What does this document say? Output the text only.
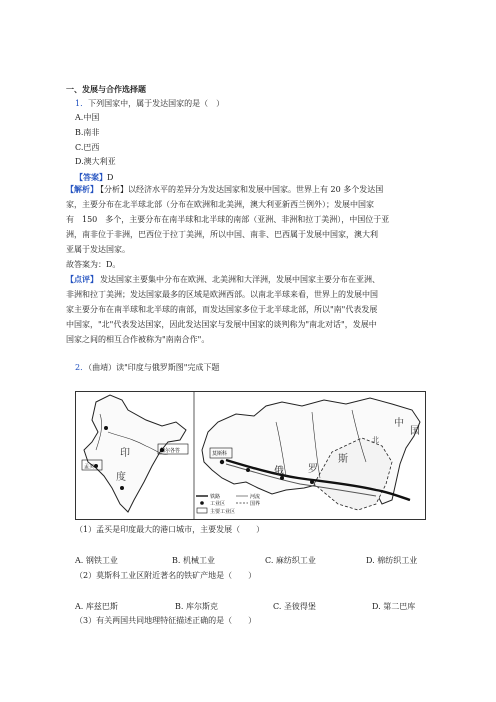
一、发展与合作选择题
1．下列国家中，属于发达国家的是（　）
A.中国
B.南非
C.巴西
D.澳大利亚
【答案】D
【解析】 【分析】以经济水平的差异分为发达国家和发展中国家。世界上有 20 多个发达国
家，主要分布在北半球北部（分布在欧洲和北美洲，澳大利亚新西兰例外）；发展中国家
有　150　多个，主要分布在南半球和北半球的南部（亚洲、非洲和拉丁美洲），中国位于亚
洲，南非位于非洲，巴西位于拉丁美洲，所以中国、南非、巴西属于发展中国家，澳大利
亚属于发达国家。
故答案为：D。
【点评】 发达国家主要集中分布在欧洲、北美洲和大洋洲，发展中国家主要分布在亚洲、
非洲和拉丁美洲；发达国家最多的区域是欧洲西部。以南北半球来看，世界上的发展中国
家主要分布在南半球和北半球的南部，而发达国家多位于北半球北部，所以"南"代表发展
中国家，"北"代表发达国家，因此发达国家与发展中国家的谈判称为"南北对话"，发展中
国家之间的相互合作被称为"南南合作"。
2．（曲靖）读"印度与俄罗斯图"完成下题
孟买
加尔各答
印
度
莫斯科
俄 罗
斯
中
国
北
铁路
工业区
主要工业区
河流
国界
（1）孟买是印度最大的港口城市，主要发展（　　）
A. 钢铁工业	B. 机械工业	C. 麻纺织工业	D. 棉纺织工业
（2）莫斯科工业区附近著名的铁矿产地是（　　）
A. 库兹巴斯	B. 库尔斯克	C. 圣彼得堡	D. 第二巴库
（3）有关两国共同地理特征描述正确的是（　　）
